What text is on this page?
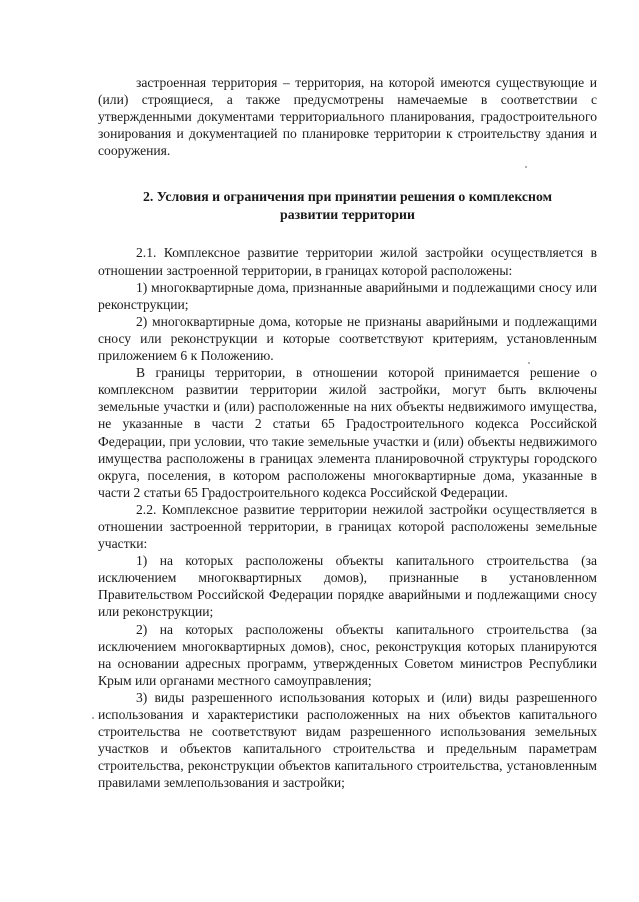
застроенная территория – территория, на которой имеются существующие и (или) строящиеся, а также предусмотрены намечаемые в соответствии с утвержденными документами территориального планирования, градостроительного зонирования и документацией по планировке территории к строительству здания и сооружения.

2. Условия и ограничения при принятии решения о комплексном развитии территории

2.1. Комплексное развитие территории жилой застройки осуществляется в отношении застроенной территории, в границах которой расположены:

1) многоквартирные дома, признанные аварийными и подлежащими сносу или реконструкции;

2) многоквартирные дома, которые не признаны аварийными и подлежащими сносу или реконструкции и которые соответствуют критериям, установленным приложением 6 к Положению.

В границы территории, в отношении которой принимается решение о комплексном развитии территории жилой застройки, могут быть включены земельные участки и (или) расположенные на них объекты недвижимого имущества, не указанные в части 2 статьи 65 Градостроительного кодекса Российской Федерации, при условии, что такие земельные участки и (или) объекты недвижимого имущества расположены в границах элемента планировочной структуры городского округа, поселения, в котором расположены многоквартирные дома, указанные в части 2 статьи 65 Градостроительного кодекса Российской Федерации.

2.2. Комплексное развитие территории нежилой застройки осуществляется в отношении застроенной территории, в границах которой расположены земельные участки:

1) на которых расположены объекты капитального строительства (за исключением многоквартирных домов), признанные в установленном Правительством Российской Федерации порядке аварийными и подлежащими сносу или реконструкции;

2) на которых расположены объекты капитального строительства (за исключением многоквартирных домов), снос, реконструкция которых планируются на основании адресных программ, утвержденных Советом министров Республики Крым или органами местного самоуправления;

3) виды разрешенного использования которых и (или) виды разрешенного использования и характеристики расположенных на них объектов капитального строительства не соответствуют видам разрешенного использования земельных участков и объектов капитального строительства и предельным параметрам строительства, реконструкции объектов капитального строительства, установленным правилами землепользования и застройки;
